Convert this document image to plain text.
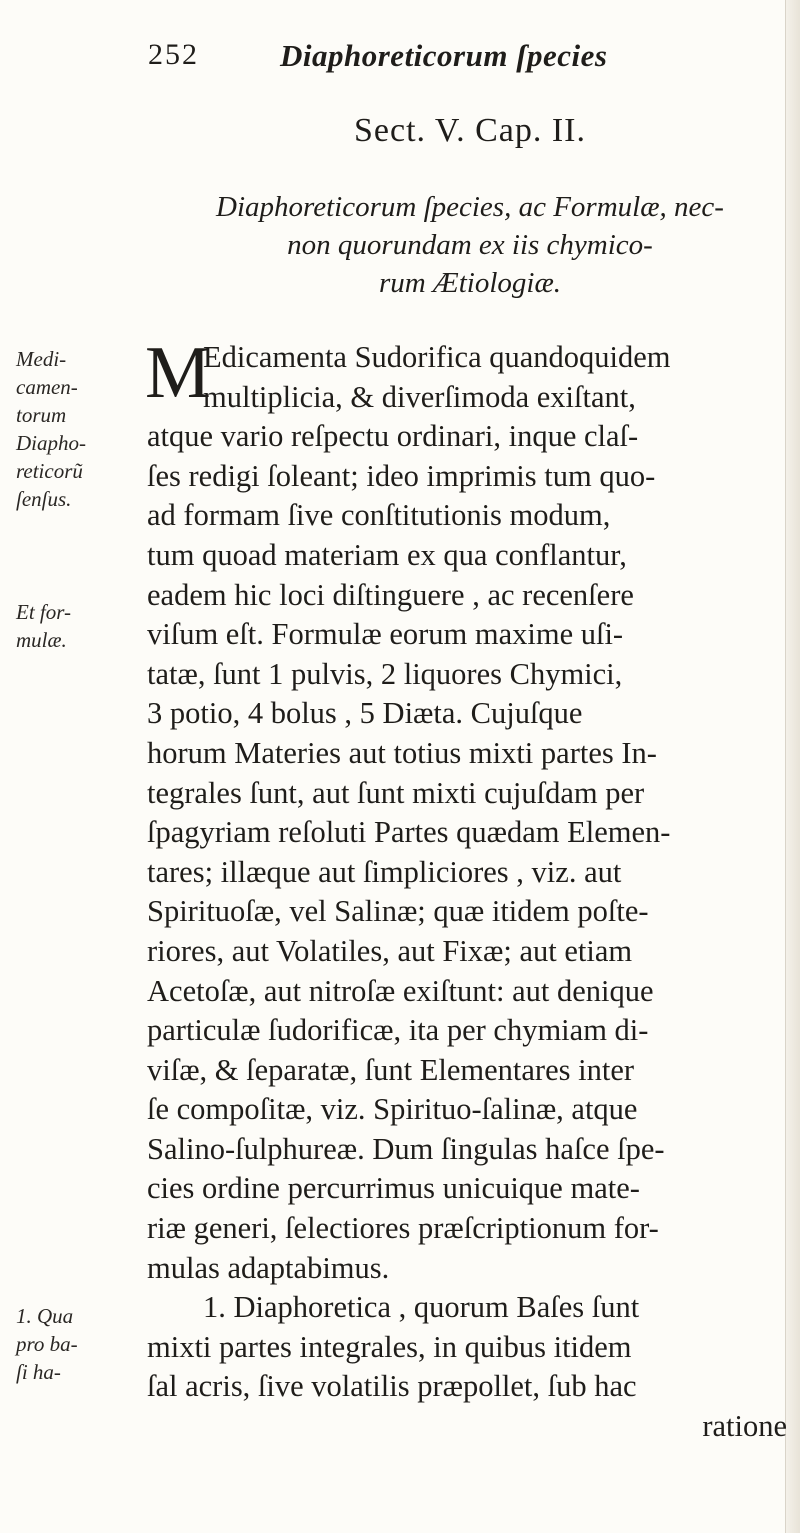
252	Diaphoreticorum ſpecies
Sect. V. Cap. II.
Diaphoreticorum ſpecies, ac Formulæ, nec-
non quorundam ex iis chymico-
rum Ætiologiæ.
Medi-
camen-
torum
Diapho-
reticorũ
ſenſus.
Et for-
mulæ.
1. Qua
pro ba-
ſi ha-
M
Edicamenta Sudorifica quandoquidem
multiplicia, & diverſimoda exiſtant,
atque vario reſpectu ordinari, inque claſ-
ſes redigi ſoleant; ideo imprimis tum quo-
ad formam ſive conſtitutionis modum,
tum quoad materiam ex qua conflantur,
eadem hic loci diſtinguere , ac recenſere
viſum eſt. Formulæ eorum maxime uſi-
tatæ, ſunt 1 pulvis, 2 liquores Chymici,
3 potio, 4 bolus , 5 Diæta. Cujuſque
horum Materies aut totius mixti partes In-
tegrales ſunt, aut ſunt mixti cujuſdam per
ſpagyriam reſoluti Partes quædam Elemen-
tares; illæque aut ſimpliciores , viz. aut
Spirituoſæ, vel Salinæ; quæ itidem poſte-
riores, aut Volatiles, aut Fixæ; aut etiam
Acetoſæ, aut nitroſæ exiſtunt: aut denique
particulæ ſudorificæ, ita per chymiam di-
viſæ, & ſeparatæ, ſunt Elementares inter
ſe compoſitæ, viz. Spirituo-ſalinæ, atque
Salino-ſulphureæ. Dum ſingulas haſce ſpe-
cies ordine percurrimus unicuique mate-
riæ generi, ſelectiores præſcriptionum for-
mulas adaptabimus.
1. Diaphoretica , quorum Baſes ſunt
mixti partes integrales, in quibus itidem
ſal acris, ſive volatilis præpollet, ſub hac
ratione
